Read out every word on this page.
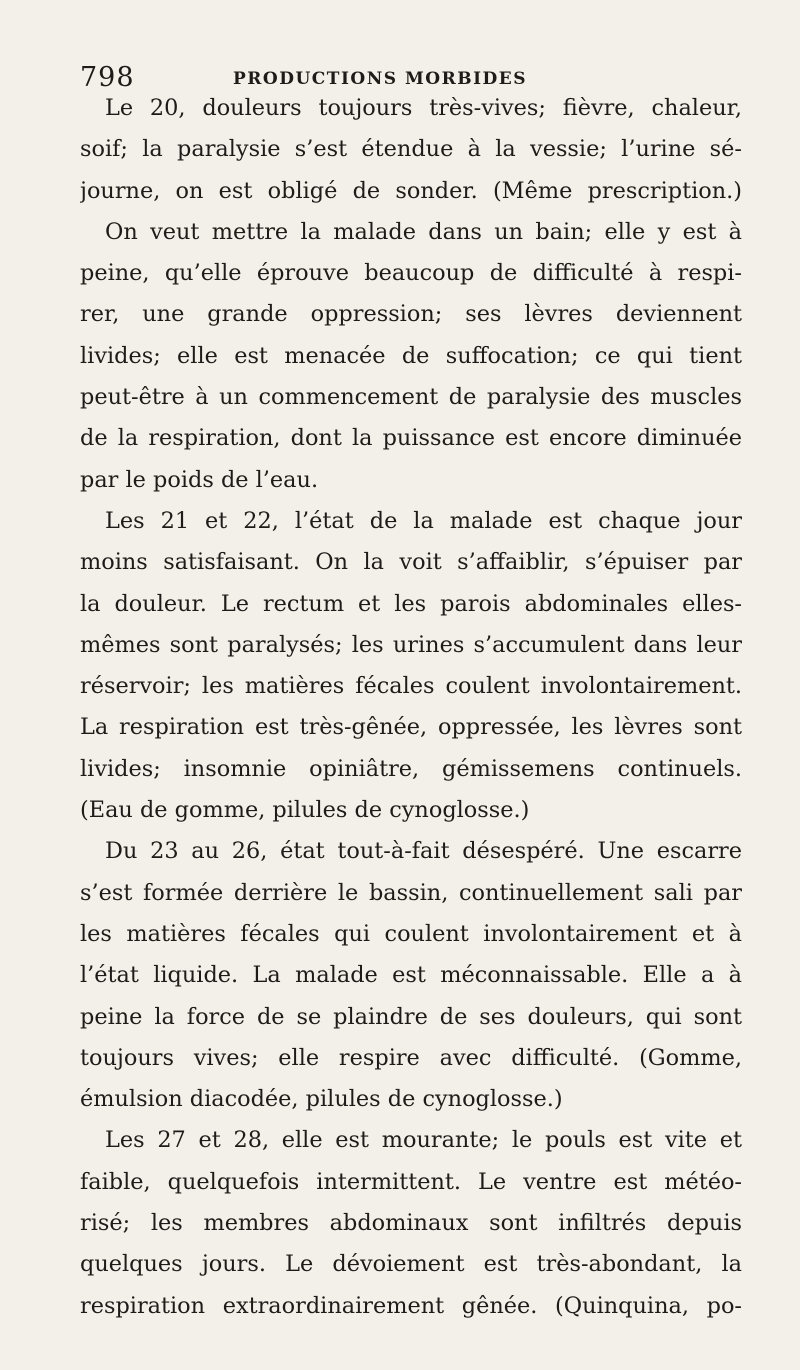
798	PRODUCTIONS MORBIDES
Le 20, douleurs toujours très-vives; fièvre, chaleur,
soif; la paralysie s’est étendue à la vessie; l’urine sé-
journe, on est obligé de sonder. (Même prescription.)
On veut mettre la malade dans un bain; elle y est à
peine, qu’elle éprouve beaucoup de difficulté à respi-
rer, une grande oppression; ses lèvres deviennent
livides; elle est menacée de suffocation; ce qui tient
peut-être à un commencement de paralysie des muscles
de la respiration, dont la puissance est encore diminuée
par le poids de l’eau.
Les 21 et 22, l’état de la malade est chaque jour
moins satisfaisant. On la voit s’affaiblir, s’épuiser par
la douleur. Le rectum et les parois abdominales elles-
mêmes sont paralysés; les urines s’accumulent dans leur
réservoir; les matières fécales coulent involontairement.
La respiration est très-gênée, oppressée, les lèvres sont
livides; insomnie opiniâtre, gémissemens continuels.
(Eau de gomme, pilules de cynoglosse.)
Du 23 au 26, état tout-à-fait désespéré. Une escarre
s’est formée derrière le bassin, continuellement sali par
les matières fécales qui coulent involontairement et à
l’état liquide. La malade est méconnaissable. Elle a à
peine la force de se plaindre de ses douleurs, qui sont
toujours vives; elle respire avec difficulté. (Gomme,
émulsion diacodée, pilules de cynoglosse.)
Les 27 et 28, elle est mourante; le pouls est vite et
faible, quelquefois intermittent. Le ventre est météo-
risé; les membres abdominaux sont infiltrés depuis
quelques jours. Le dévoiement est très-abondant, la
respiration extraordinairement gênée. (Quinquina, po-
